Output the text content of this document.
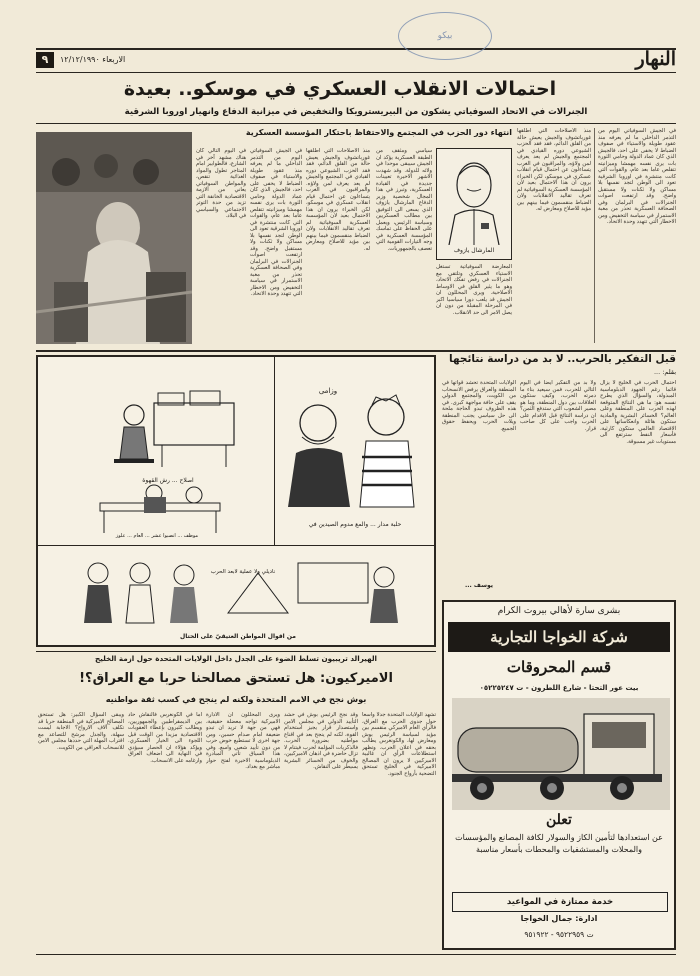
٩	الاربعاء ١٢/١٢/١٩٩٠	النهار
بيكو
احتمالات الانقلاب العسكري في موسكو.. بعيدة
الجنرالات في الاتحاد السوفياتي يشكون من البيريسترويكا والتخفيض في ميزانية الدفاع وانهيار اوروبا الشرقية
في الجيش السوفياتي اليوم من التذمر الداخلي ما لم يعرفه منذ عقود طويلة والاستياء في صفوف الضباط لا يخفى على احد، فالجيش الذي كان عماد الدولة وحامي الثورة بات يرى نفسه مهمشا وميزانيته تتقلص عاما بعد عام، والقوات التي كانت منتشرة في اوروبا الشرقية تعود الى الوطن لتجد نفسها بلا مساكن ولا ثكنات ولا مستقبل واضح. وقد ارتفعت اصوات الجنرالات في البرلمان وفي الصحافة العسكرية تحذر من مغبة الاستمرار في سياسة التخفيض ومن الاخطار التي تتهدد وحدة الاتحاد.
منذ الاصلاحات التي اطلقها غورباتشوف والجيش يعيش حالة من القلق الدائم، فقد فقد الحزب الشيوعي دوره القيادي في المجتمع والجيش لم يعد يعرف لمن ولاؤه. والمراقبون في الغرب يتساءلون عن احتمال قيام انقلاب عسكري في موسكو، لكن الخبراء يرون ان هذا الاحتمال بعيد لان المؤسسة العسكرية السوفياتية لم تعرف تقاليد الانقلابات ولان الضباط منقسمون فيما بينهم بين مؤيد للاصلاح ومعارض له.
انتهاء دور الحزب في المجتمع والاحتفاظ باحتكار المؤسسة العسكرية
المارشال يازوف
سياسي ومثقف من الطبقة العسكرية يؤكد ان الجيش سيبقى موحدا في ولائه للدولة. وقد شهدت الاشهر الاخيرة تعيينات جديدة في القيادة العسكرية، وتبرز في هذا المجال شخصية وزير الدفاع المارشال يازوف الذي يسعى الى التوفيق بين مطالب العسكريين وسياسة الرئيس، ويعمل على الحفاظ على تماسك المؤسسة العسكرية في وجه التيارات القومية التي تعصف بالجمهوريات.
المعارضة السوفياتية تستغل الاستياء العسكري وتلتقي مع الجنرالات في رفض تفكك الاتحاد، وهو ما يثير القلق في الاوساط الاصلاحية. ويرى المحللون ان الجيش قد يلعب دورا سياسيا اكبر في المرحلة المقبلة من دون ان يصل الامر الى حد الانقلاب.
منذ الاصلاحات التي اطلقها غورباتشوف والجيش يعيش حالة من القلق الدائم، فقد فقد الحزب الشيوعي دوره القيادي في المجتمع والجيش لم يعد يعرف لمن ولاؤه. والمراقبون في الغرب يتساءلون عن احتمال قيام انقلاب عسكري في موسكو، لكن الخبراء يرون ان هذا الاحتمال بعيد لان المؤسسة العسكرية السوفياتية لم تعرف تقاليد الانقلابات ولان الضباط منقسمون فيما بينهم بين مؤيد للاصلاح ومعارض له.
في الجيش السوفياتي اليوم من التذمر الداخلي ما لم يعرفه منذ عقود طويلة والاستياء في صفوف الضباط لا يخفى على احد، فالجيش الذي كان عماد الدولة وحامي الثورة بات يرى نفسه مهمشا وميزانيته تتقلص عاما بعد عام، والقوات التي كانت منتشرة في اوروبا الشرقية تعود الى الوطن لتجد نفسها بلا مساكن ولا ثكنات ولا مستقبل واضح. وقد ارتفعت اصوات الجنرالات في البرلمان وفي الصحافة العسكرية تحذر من مغبة الاستمرار في سياسة التخفيض ومن الاخطار التي تتهدد وحدة الاتحاد.
في اليوم التالي كان هناك مشهد آخر في الشارع، فالطوابير امام المتاجر تطول والمواد الغذائية تنقص، والمواطن السوفياتي يعاني من الازمة الاقتصادية الخانقة التي تزيد من حدة التوتر الاجتماعي والسياسي في البلاد.
اصلاح ... رش القهوة
موظف ... انصبوا عشر ... العام ... علوز
وزامى
حلبة مدار ... والمع مدوم الصيدين في
ناديلي ولا عملية لابعد الحرب
من اقوال المواطن العتيقيّ على الحتال
قبل التفكير بالحرب.. لا بد من دراسة نتائجها
بقلم: ...
احتمال الحرب في الخليج لا يزال قائما رغم الجهود الدبلوماسية المبذولة، والسؤال الذي يطرح نفسه هو: ما هي النتائج المتوقعة لهذه الحرب على المنطقة وعلى العالم؟ الخسائر البشرية والمادية ستكون هائلة وانعكاساتها على الاقتصاد العالمي ستكون كارثية، فأسعار النفط سترتفع الى مستويات غير مسبوقة.
ولا بد من التفكير ايضا في اليوم التالي للحرب، فمن سيعيد بناء ما دمرته الحرب، وكيف ستكون العلاقات بين دول المنطقة، وما هو مصير الشعوب التي ستدفع الثمن؟ ان دراسة النتائج قبل الاقدام على الحرب واجب على كل صاحب قرار.
الولايات المتحدة تحشد قواتها في المنطقة والعراق يرفض الانسحاب من الكويت، والمجتمع الدولي يقف على حافة مواجهة كبرى. في هذه الظروف تبدو الحاجة ملحة الى حل سياسي يجنب المنطقة ويلات الحرب ويحفظ حقوق الجميع.
يوسف ...
بشرى سارة لأهالي بيروت الكرام
شركة الخواجا التجارية
قسم المحروقات
بيت عور التحتا - شارع اللطرون - ت ٠٥٢٢٥٢٤٧
تعلن
عن استعدادها لتأمين الكاز والسولار لكافة المصانع والمؤسسات والمحلات والمستشفيات والمحطات بأسعار مناسبة
خدمة ممتازة في المواعيد
ادارة: جمال الخواجا
ت ٩٥٢٢٩٥٩ - ٩٥١٩٢٢
الهيرالد تريبيون تسلط الضوء على الجدل داخل الولايات المتحدة حول ازمة الخليج
الاميركيون: هل تستحق مصالحنا حربا مع العراق؟!
بوش نجح في الامم المتحدة ولكنه لم ينجح في كسب ثقة مواطنيه
تشهد الولايات المتحدة جدلا واسعا حول جدوى الحرب مع العراق، فالرأي العام الاميركي منقسم بين مؤيد لسياسة الرئيس بوش ومعارض لها، والكونغرس يطالب بحقه في اعلان الحرب. وتظهر استطلاعات الرأي ان غالبية الاميركيين لا يرون ان المصالح الاميركية في الخليج تستحق التضحية بأرواح الجنود.
وقد نجح الرئيس بوش في حشد التأييد الدولي في مجلس الامن واستصدار قرار يجيز استخدام القوة، لكنه لم ينجح بعد في اقناع مواطنيه بضرورة الحرب. فالذكريات المؤلمة لحرب فيتنام لا تزال حاضرة في اذهان الاميركيين، والخوف من الخسائر البشرية يسيطر على النقاش.
ويرى المحللون ان الادارة الاميركية تواجه معضلة حقيقية، فهي من جهة لا تريد ان تبدو ضعيفة امام صدام حسين، ومن جهة اخرى لا تستطيع خوض حرب من دون تأييد شعبي واسع. وفي هذا السياق تأتي المبادرة الدبلوماسية الاخيرة لفتح حوار مباشر مع بغداد.
اما في الكونغرس فالنقاش حاد بين الديمقراطيين والجمهوريين، ويطالب كثيرون بإعطاء العقوبات الاقتصادية مزيدا من الوقت قبل اللجوء الى الخيار العسكري. ويؤكد هؤلاء ان الحصار سيؤدي في النهاية الى اضعاف العراق وارغامه على الانسحاب.
ويبقى السؤال الكبير: هل تستحق المصالح الاميركية في المنطقة حربا قد تكلف آلاف الارواح؟ الاجابة ليست سهلة، والجدل مرشح للتصاعد مع اقتراب المهلة التي حددها مجلس الامن للانسحاب العراقي من الكويت.
